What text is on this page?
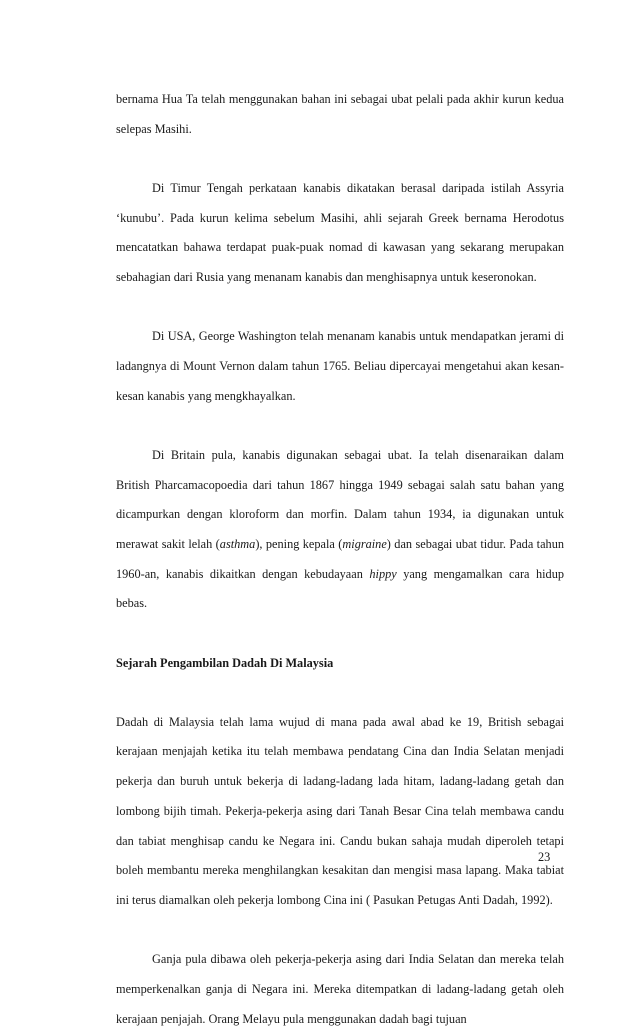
bernama Hua Ta telah menggunakan bahan ini sebagai ubat pelali pada akhir kurun kedua selepas Masihi.

Di Timur Tengah perkataan kanabis dikatakan berasal daripada istilah Assyria ‘kunubu’. Pada kurun kelima sebelum Masihi, ahli sejarah Greek bernama Herodotus mencatatkan bahawa terdapat puak-puak nomad di kawasan yang sekarang merupakan sebahagian dari Rusia yang menanam kanabis dan menghisapnya untuk keseronokan.

Di USA, George Washington telah menanam kanabis untuk mendapatkan jerami di ladangnya di Mount Vernon dalam tahun 1765. Beliau dipercayai mengetahui akan kesan-kesan kanabis yang mengkhayalkan.

Di Britain pula, kanabis digunakan sebagai ubat. Ia telah disenaraikan dalam British Pharcamacopoedia dari tahun 1867 hingga 1949 sebagai salah satu bahan yang dicampurkan dengan kloroform dan morfin. Dalam tahun 1934, ia digunakan untuk merawat sakit lelah (asthma), pening kepala (migraine) dan sebagai ubat tidur. Pada tahun 1960-an, kanabis dikaitkan dengan kebudayaan hippy yang mengamalkan cara hidup bebas.

Sejarah Pengambilan Dadah Di Malaysia

Dadah di Malaysia telah lama wujud di mana pada awal abad ke 19, British sebagai kerajaan menjajah ketika itu telah membawa pendatang Cina dan India Selatan menjadi pekerja dan buruh untuk bekerja di ladang-ladang lada hitam, ladang-ladang getah dan lombong bijih timah. Pekerja-pekerja asing dari Tanah Besar Cina telah membawa candu dan tabiat menghisap candu ke Negara ini. Candu bukan sahaja mudah diperoleh tetapi boleh membantu mereka menghilangkan kesakitan dan mengisi masa lapang. Maka tabiat ini terus diamalkan oleh pekerja lombong Cina ini ( Pasukan Petugas Anti Dadah, 1992).

Ganja pula dibawa oleh pekerja-pekerja asing dari India Selatan dan mereka telah memperkenalkan ganja di Negara ini. Mereka ditempatkan di ladang-ladang getah oleh kerajaan penjajah. Orang Melayu pula menggunakan dadah bagi tujuan

23
